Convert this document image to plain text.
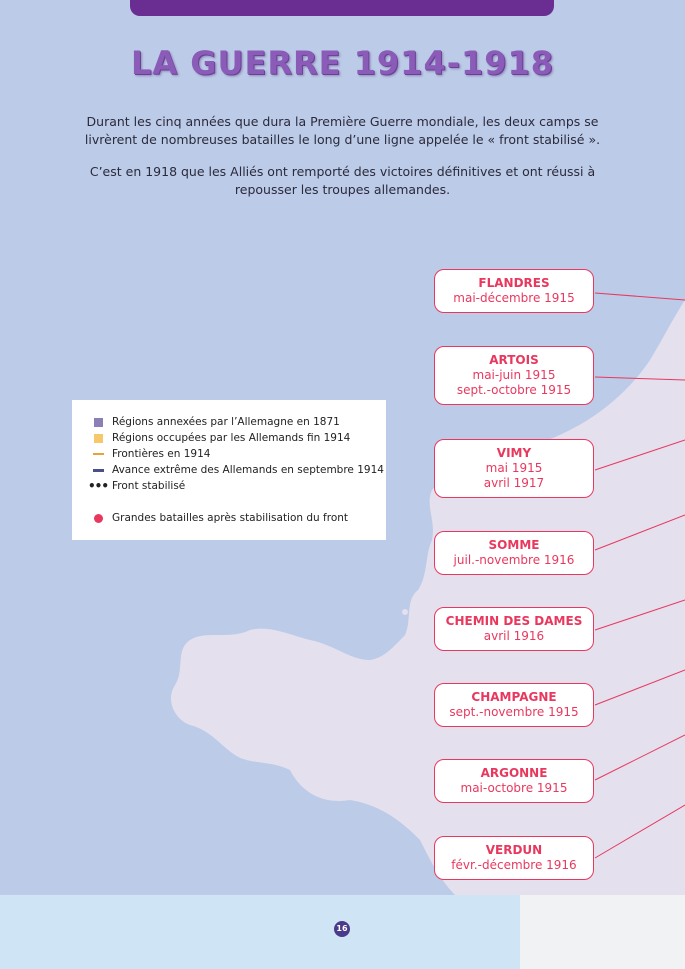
LA GUERRE 1914-1918

Durant les cinq années que dura la Première Guerre mondiale, les deux camps se livrèrent de nombreuses batailles le long d’une ligne appelée le « front stabilisé ».

C’est en 1918 que les Alliés ont remporté des victoires définitives et ont réussi à repousser les troupes allemandes.

Régions annexées par l’Allemagne en 1871
Régions occupées par les Allemands fin 1914
Frontières en 1914
Avance extrême des Allemands en septembre 1914
••• Front stabilisé
Grandes batailles après stabilisation du front
FLANDRES
mai-décembre 1915
ARTOIS
mai-juin 1915
sept.-octobre 1915
VIMY
mai 1915
avril 1917
SOMME
juil.-novembre 1916
CHEMIN DES DAMES
avril 1916
CHAMPAGNE
sept.-novembre 1915
ARGONNE
mai-octobre 1915
VERDUN
févr.-décembre 1916
16
